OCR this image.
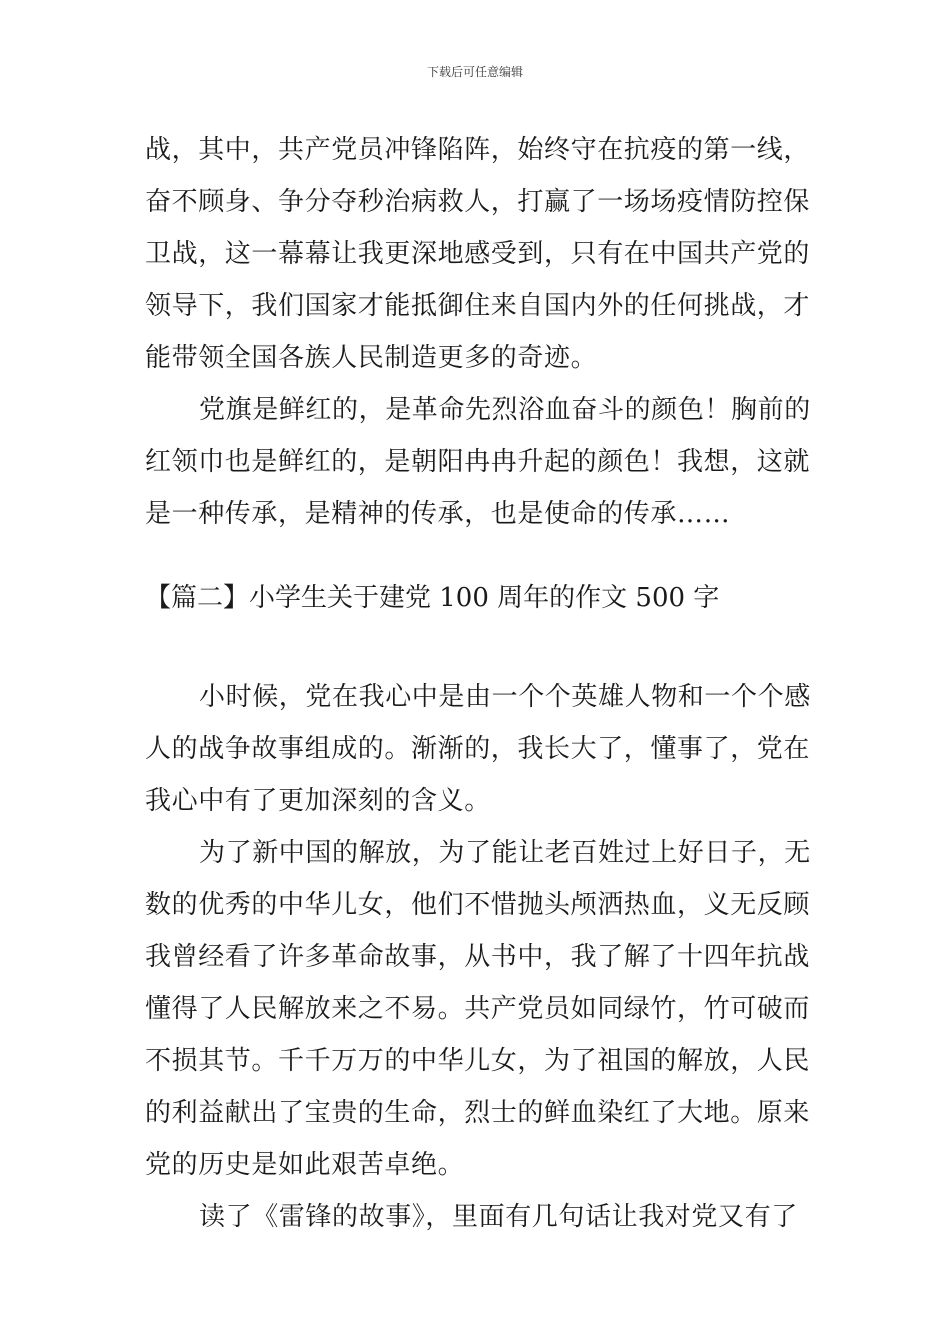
下载后可任意编辑
战，其中，共产党员冲锋陷阵，始终守在抗疫的第一线，
奋不顾身、争分夺秒治病救人，打赢了一场场疫情防控保
卫战，这一幕幕让我更深地感受到，只有在中国共产党的
领导下，我们国家才能抵御住来自国内外的任何挑战，才
能带领全国各族人民制造更多的奇迹。
党旗是鲜红的，是革命先烈浴血奋斗的颜色！胸前的
红领巾也是鲜红的，是朝阳冉冉升起的颜色！我想，这就
是一种传承，是精神的传承，也是使命的传承……
【篇二】小学生关于建党 100 周年的作文 500 字
小时候，党在我心中是由一个个英雄人物和一个个感
人的战争故事组成的。渐渐的，我长大了，懂事了，党在
我心中有了更加深刻的含义。
为了新中国的解放，为了能让老百姓过上好日子，无
数的优秀的中华儿女，他们不惜抛头颅洒热血，义无反顾
我曾经看了许多革命故事，从书中，我了解了十四年抗战
懂得了人民解放来之不易。共产党员如同绿竹，竹可破而
不损其节。千千万万的中华儿女，为了祖国的解放，人民
的利益献出了宝贵的生命，烈士的鲜血染红了大地。原来
党的历史是如此艰苦卓绝。
读了《雷锋的故事》，里面有几句话让我对党又有了
